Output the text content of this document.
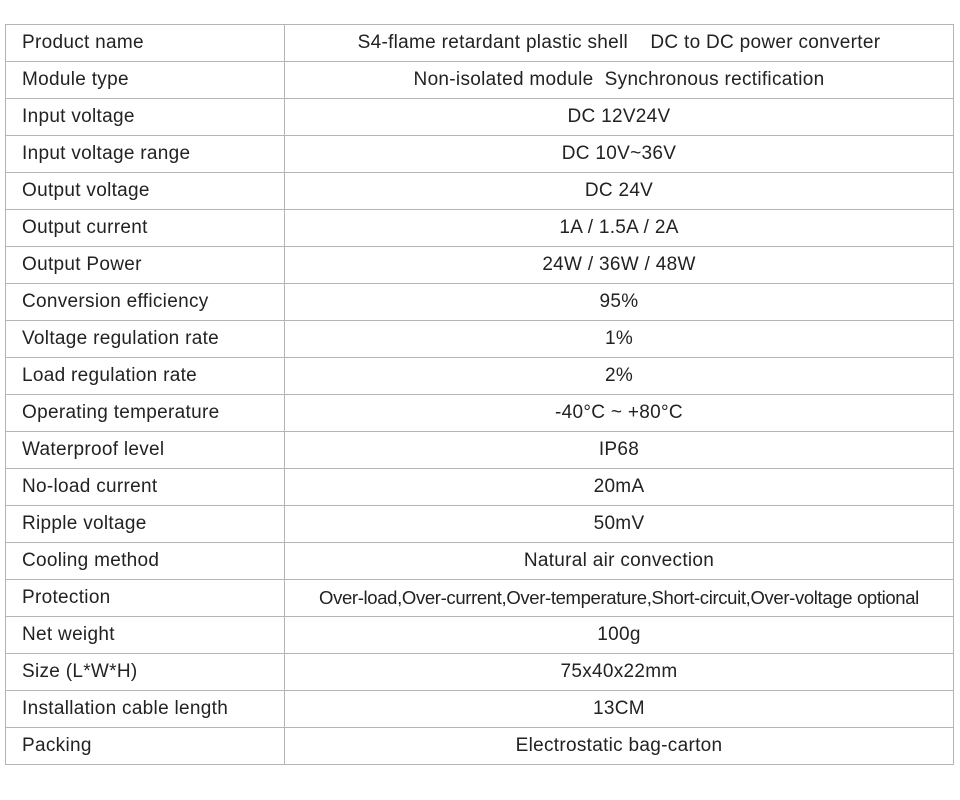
Product name	S4-flame retardant plastic shell    DC to DC power converter
Module type	Non-isolated module  Synchronous rectification
Input voltage	DC 12V24V
Input voltage range	DC 10V~36V
Output voltage	DC 24V
Output current	1A / 1.5A / 2A
Output Power	24W / 36W / 48W
Conversion efficiency	95%
Voltage regulation rate	1%
Load regulation rate	2%
Operating temperature	-40°C ~ +80°C
Waterproof level	IP68
No-load current	20mA
Ripple voltage	50mV
Cooling method	Natural air convection
Protection	Over-load,Over-current,Over-temperature,Short-circuit,Over-voltage optional
Net weight	100g
Size (L*W*H)	75x40x22mm
Installation cable length	13CM
Packing	Electrostatic bag-carton
